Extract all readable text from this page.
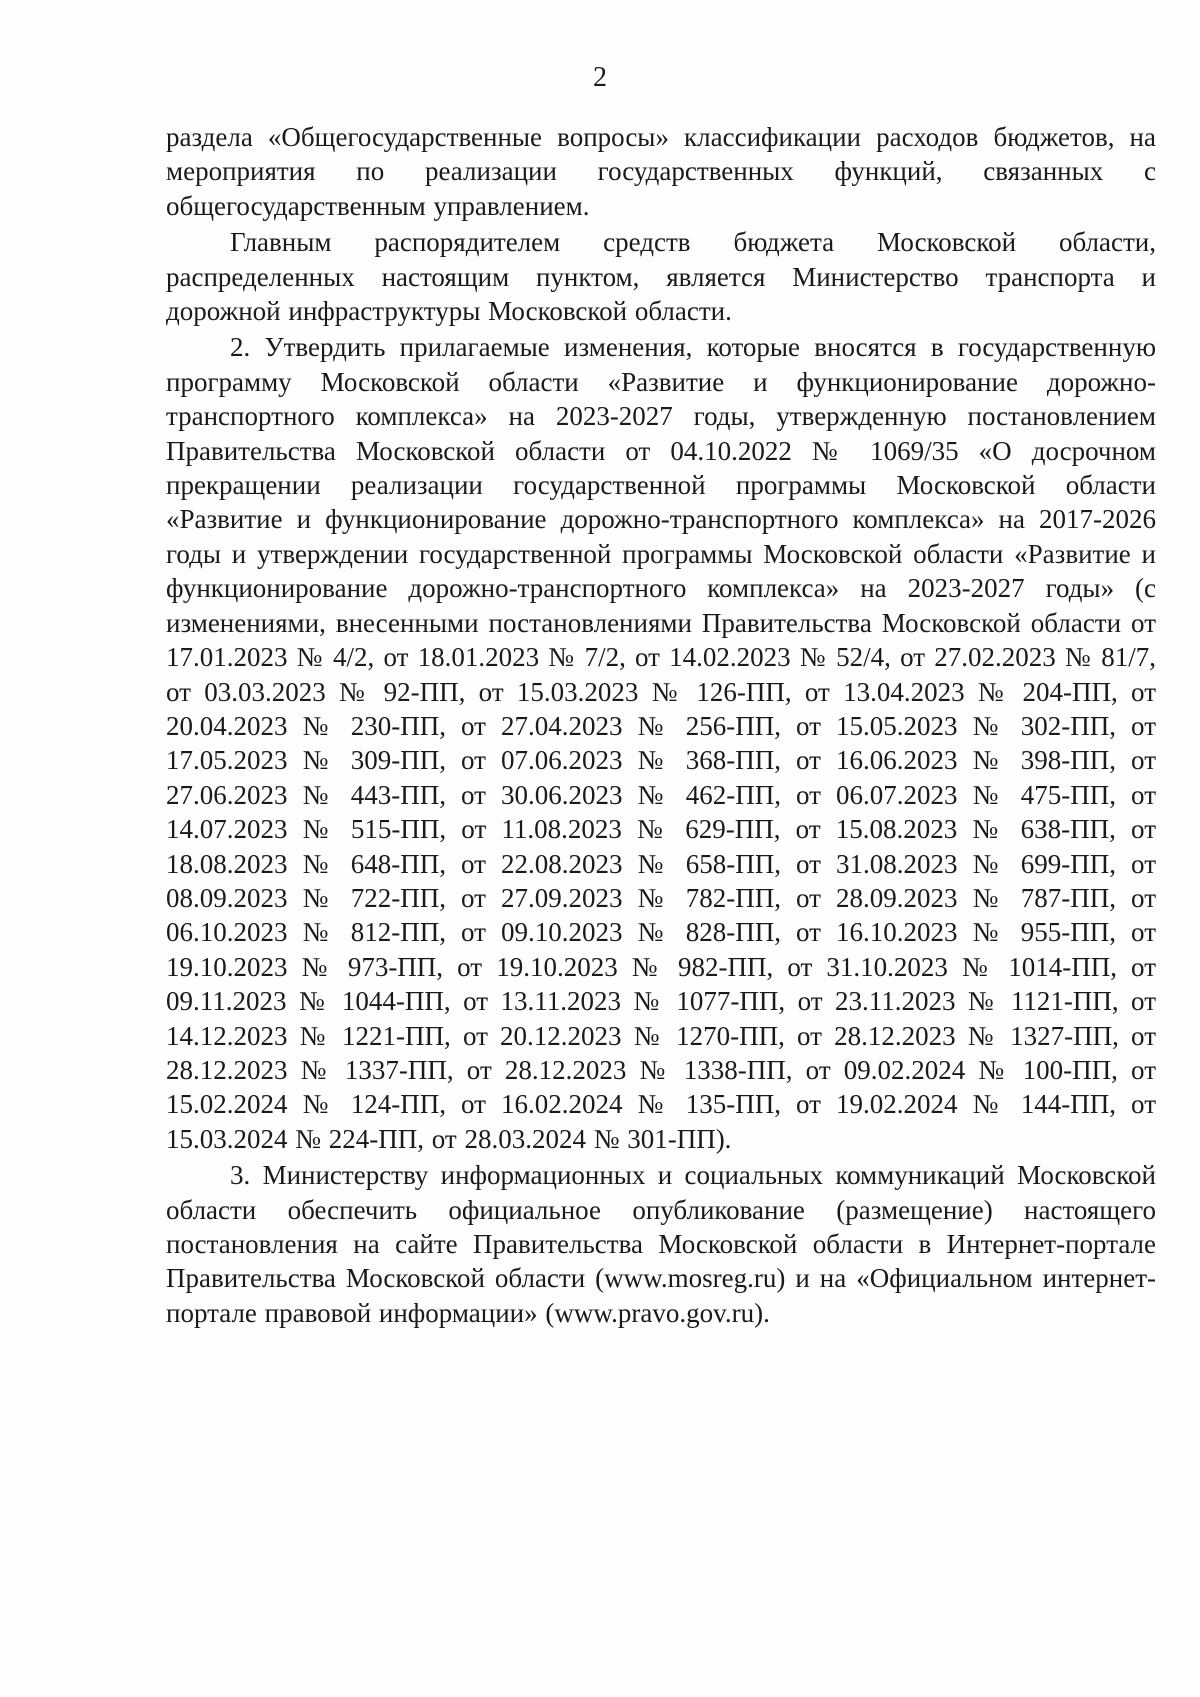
2

раздела «Общегосударственные вопросы» классификации расходов бюджетов, на мероприятия по реализации государственных функций, связанных с общегосударственным управлением.

Главным распорядителем средств бюджета Московской области, распределенных настоящим пунктом, является Министерство транспорта и дорожной инфраструктуры Московской области.

2. Утвердить прилагаемые изменения, которые вносятся в государственную программу Московской области «Развитие и функционирование дорожно-транспортного комплекса» на 2023-2027 годы, утвержденную постановлением Правительства Московской области от 04.10.2022 № 1069/35 «О досрочном прекращении реализации государственной программы Московской области «Развитие и функционирование дорожно-транспортного комплекса» на 2017-2026 годы и утверждении государственной программы Московской области «Развитие и функционирование дорожно-транспортного комплекса» на 2023-2027 годы» (с изменениями, внесенными постановлениями Правительства Московской области от 17.01.2023 № 4/2, от 18.01.2023 № 7/2, от 14.02.2023 № 52/4, от 27.02.2023 № 81/7, от 03.03.2023 № 92-ПП, от 15.03.2023 № 126-ПП, от 13.04.2023 № 204-ПП, от 20.04.2023 № 230-ПП, от 27.04.2023 № 256-ПП, от 15.05.2023 № 302-ПП, от 17.05.2023 № 309-ПП, от 07.06.2023 № 368-ПП, от 16.06.2023 № 398-ПП, от 27.06.2023 № 443-ПП, от 30.06.2023 № 462-ПП, от 06.07.2023 № 475-ПП, от 14.07.2023 № 515-ПП, от 11.08.2023 № 629-ПП, от 15.08.2023 № 638-ПП, от 18.08.2023 № 648-ПП, от 22.08.2023 № 658-ПП, от 31.08.2023 № 699-ПП, от 08.09.2023 № 722-ПП, от 27.09.2023 № 782-ПП, от 28.09.2023 № 787-ПП, от 06.10.2023 № 812-ПП, от 09.10.2023 № 828-ПП, от 16.10.2023 № 955-ПП, от 19.10.2023 № 973-ПП, от 19.10.2023 № 982-ПП, от 31.10.2023 № 1014-ПП, от 09.11.2023 № 1044-ПП, от 13.11.2023 № 1077-ПП, от 23.11.2023 № 1121-ПП, от 14.12.2023 № 1221-ПП, от 20.12.2023 № 1270-ПП, от 28.12.2023 № 1327-ПП, от 28.12.2023 № 1337-ПП, от 28.12.2023 № 1338-ПП, от 09.02.2024 № 100-ПП, от 15.02.2024 № 124-ПП, от 16.02.2024 № 135-ПП, от 19.02.2024 № 144-ПП, от 15.03.2024 № 224-ПП, от 28.03.2024 № 301-ПП).

3. Министерству информационных и социальных коммуникаций Московской области обеспечить официальное опубликование (размещение) настоящего постановления на сайте Правительства Московской области в Интернет-портале Правительства Московской области (www.mosreg.ru) и на «Официальном интернет-портале правовой информации» (www.pravo.gov.ru).
